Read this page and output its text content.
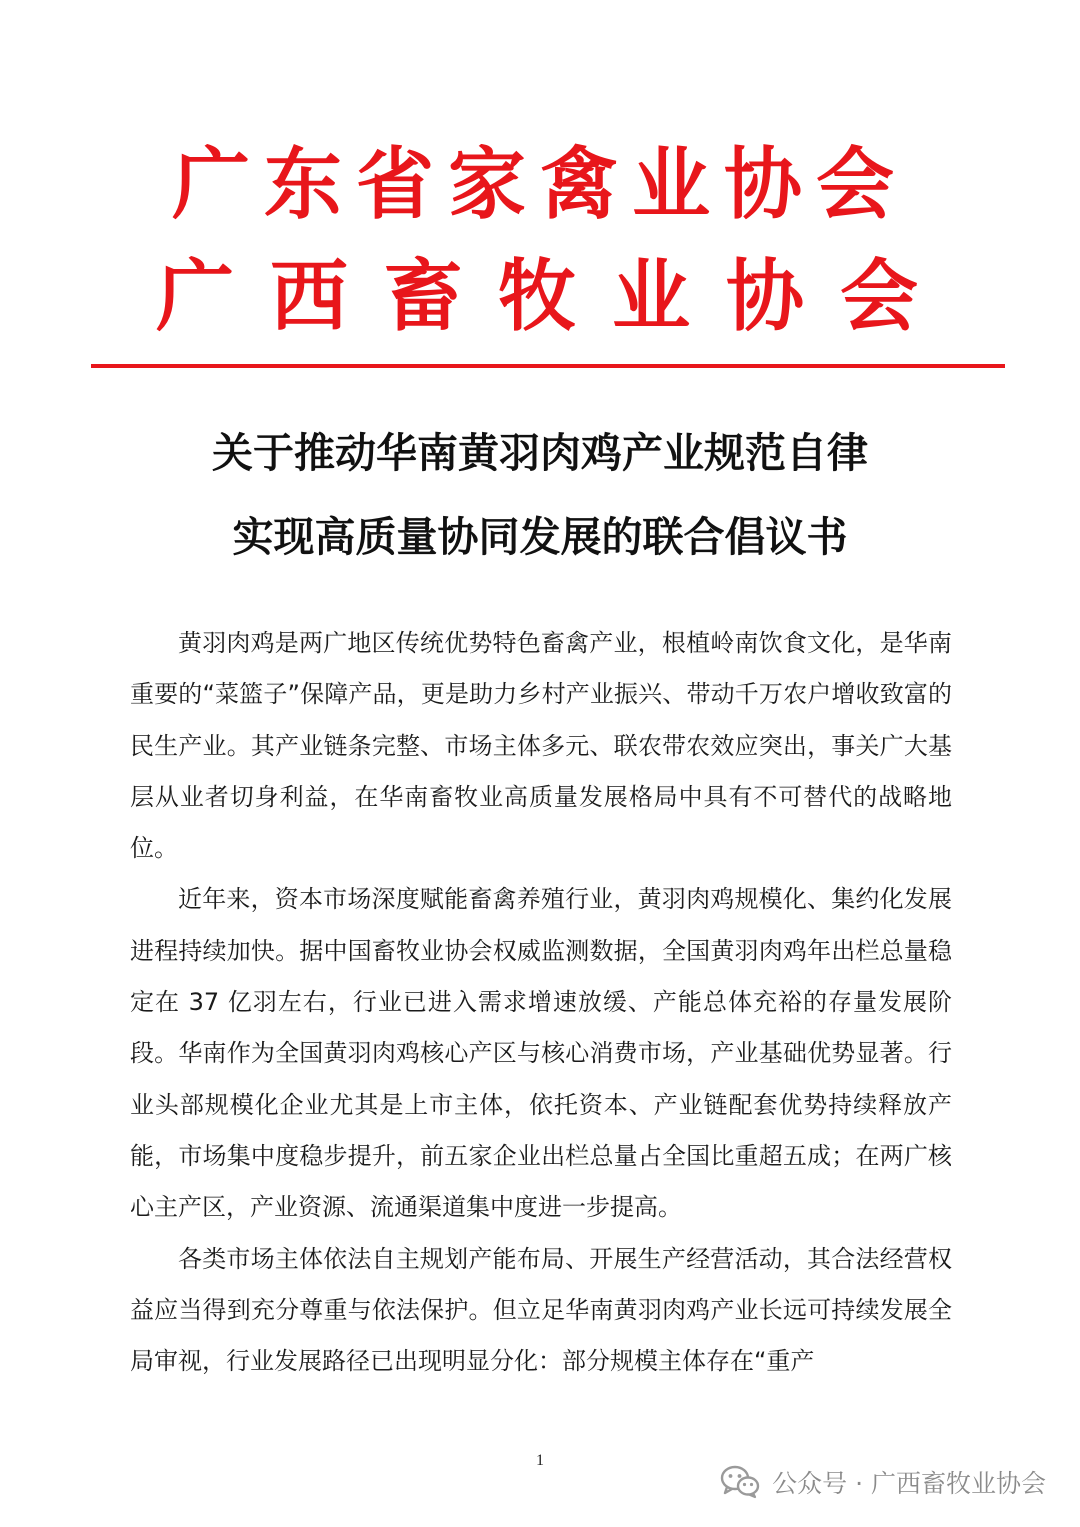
广东省家禽业协会
广西畜牧业协会
关于推动华南黄羽肉鸡产业规范自律
实现高质量协同发展的联合倡议书

黄羽肉鸡是两广地区传统优势特色畜禽产业，根植岭南饮食文化，是华南重要的“菜篮子”保障产品，更是助力乡村产业振兴、带动千万农户增收致富的民生产业。其产业链条完整、市场主体多元、联农带农效应突出，事关广大基层从业者切身利益，在华南畜牧业高质量发展格局中具有不可替代的战略地位。

近年来，资本市场深度赋能畜禽养殖行业，黄羽肉鸡规模化、集约化发展进程持续加快。据中国畜牧业协会权威监测数据，全国黄羽肉鸡年出栏总量稳定在 37 亿羽左右，行业已进入需求增速放缓、产能总体充裕的存量发展阶段。华南作为全国黄羽肉鸡核心产区与核心消费市场，产业基础优势显著。行业头部规模化企业尤其是上市主体，依托资本、产业链配套优势持续释放产能，市场集中度稳步提升，前五家企业出栏总量占全国比重超五成；在两广核心主产区，产业资源、流通渠道集中度进一步提高。

各类市场主体依法自主规划产能布局、开展生产经营活动，其合法经营权益应当得到充分尊重与依法保护。但立足华南黄羽肉鸡产业长远可持续发展全局审视，行业发展路径已出现明显分化：部分规模主体存在“重产

1
公众号 · 广西畜牧业协会
